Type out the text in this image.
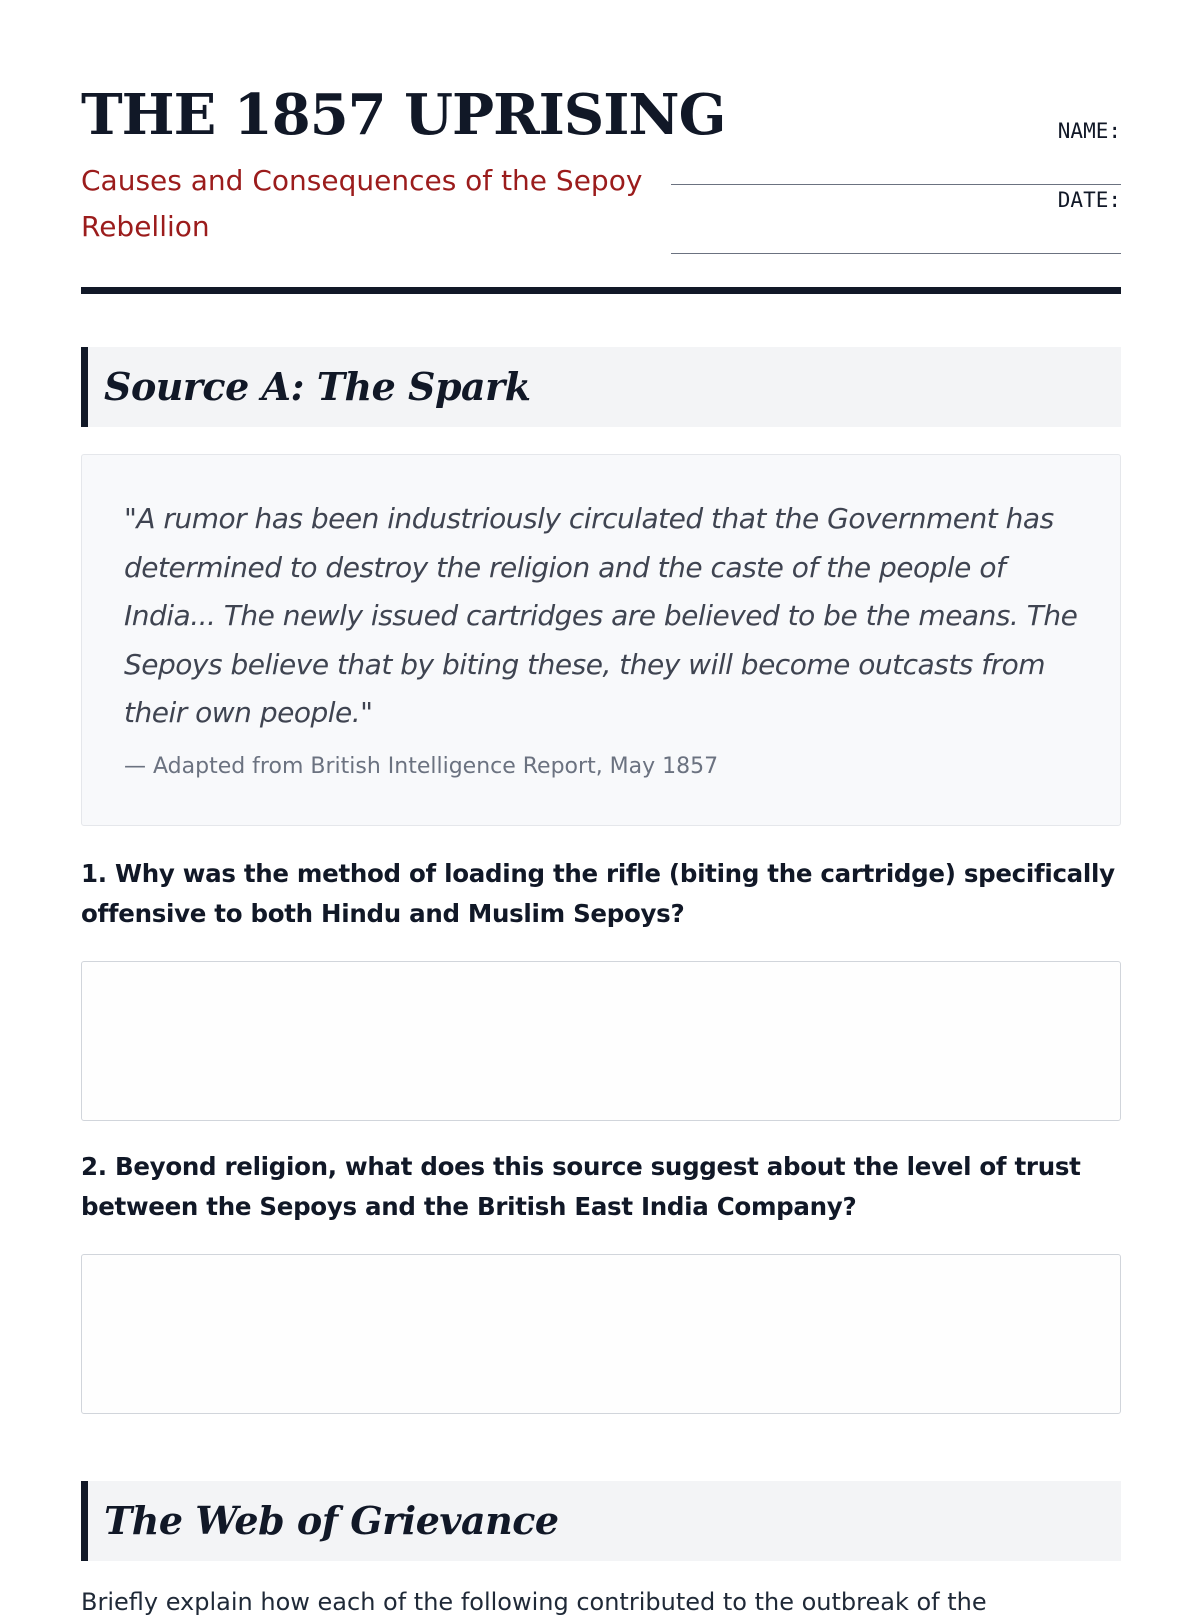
THE 1857 UPRISING

Causes and Consequences of the Sepoy Rebellion

NAME:
DATE:
Source A: The Spark

"A rumor has been industriously circulated that the Government has determined to destroy the religion and the caste of the people of India... The newly issued cartridges are believed to be the means. The Sepoys believe that by biting these, they will become outcasts from their own people."

— Adapted from British Intelligence Report, May 1857

1. Why was the method of loading the rifle (biting the cartridge) specifically offensive to both Hindu and Muslim Sepoys?

2. Beyond religion, what does this source suggest about the level of trust between the Sepoys and the British East India Company?

The Web of Grievance

Briefly explain how each of the following contributed to the outbreak of the
